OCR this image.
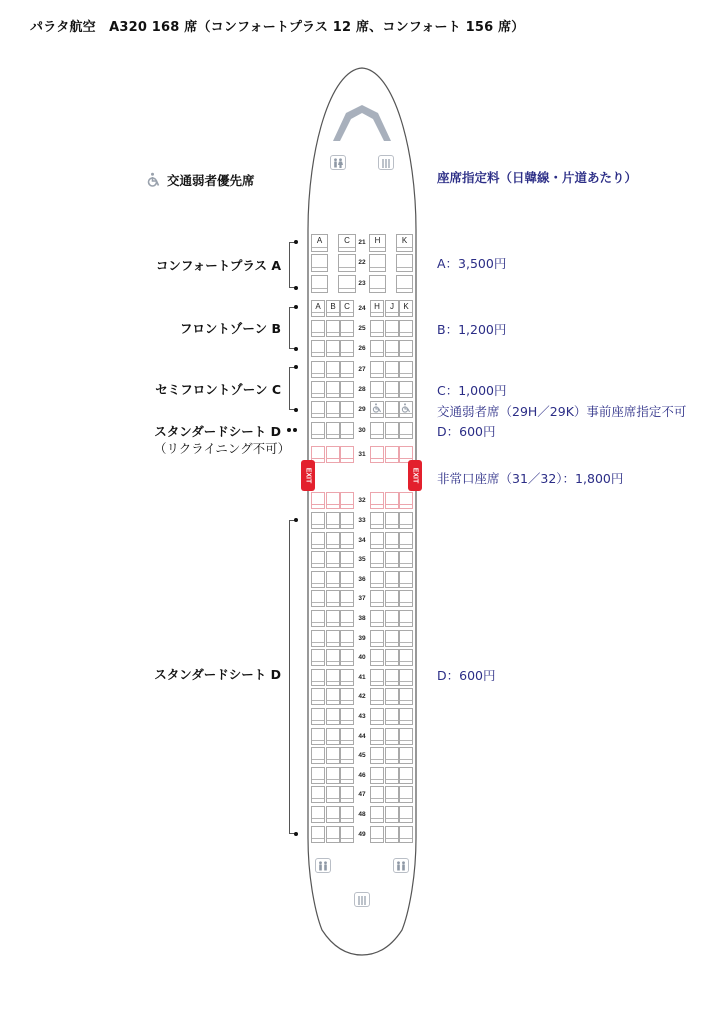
パラタ航空　A320 168 席（コンフォートプラス 12 席、コンフォート 156 席）
A	C	H	K
21
22
23
A	B	C	H	J	K
24
25
26
27
28
29
30
31
32
33
34
35
36
37
38
39
40
41
42
43
44
45
46
47
48
49
EXIT	EXIT
交通弱者優先席
コンフォートプラス A
フロントゾーン B
セミフロントゾーン C
スタンダードシート D
（リクライニング不可）
スタンダードシート D
座席指定料（日韓線・片道あたり）
A：3,500円
B：1,200円
C：1,000円
交通弱者席（29H／29K）事前座席指定不可
D：600円
非常口座席（31／32）：1,800円
D：600円
